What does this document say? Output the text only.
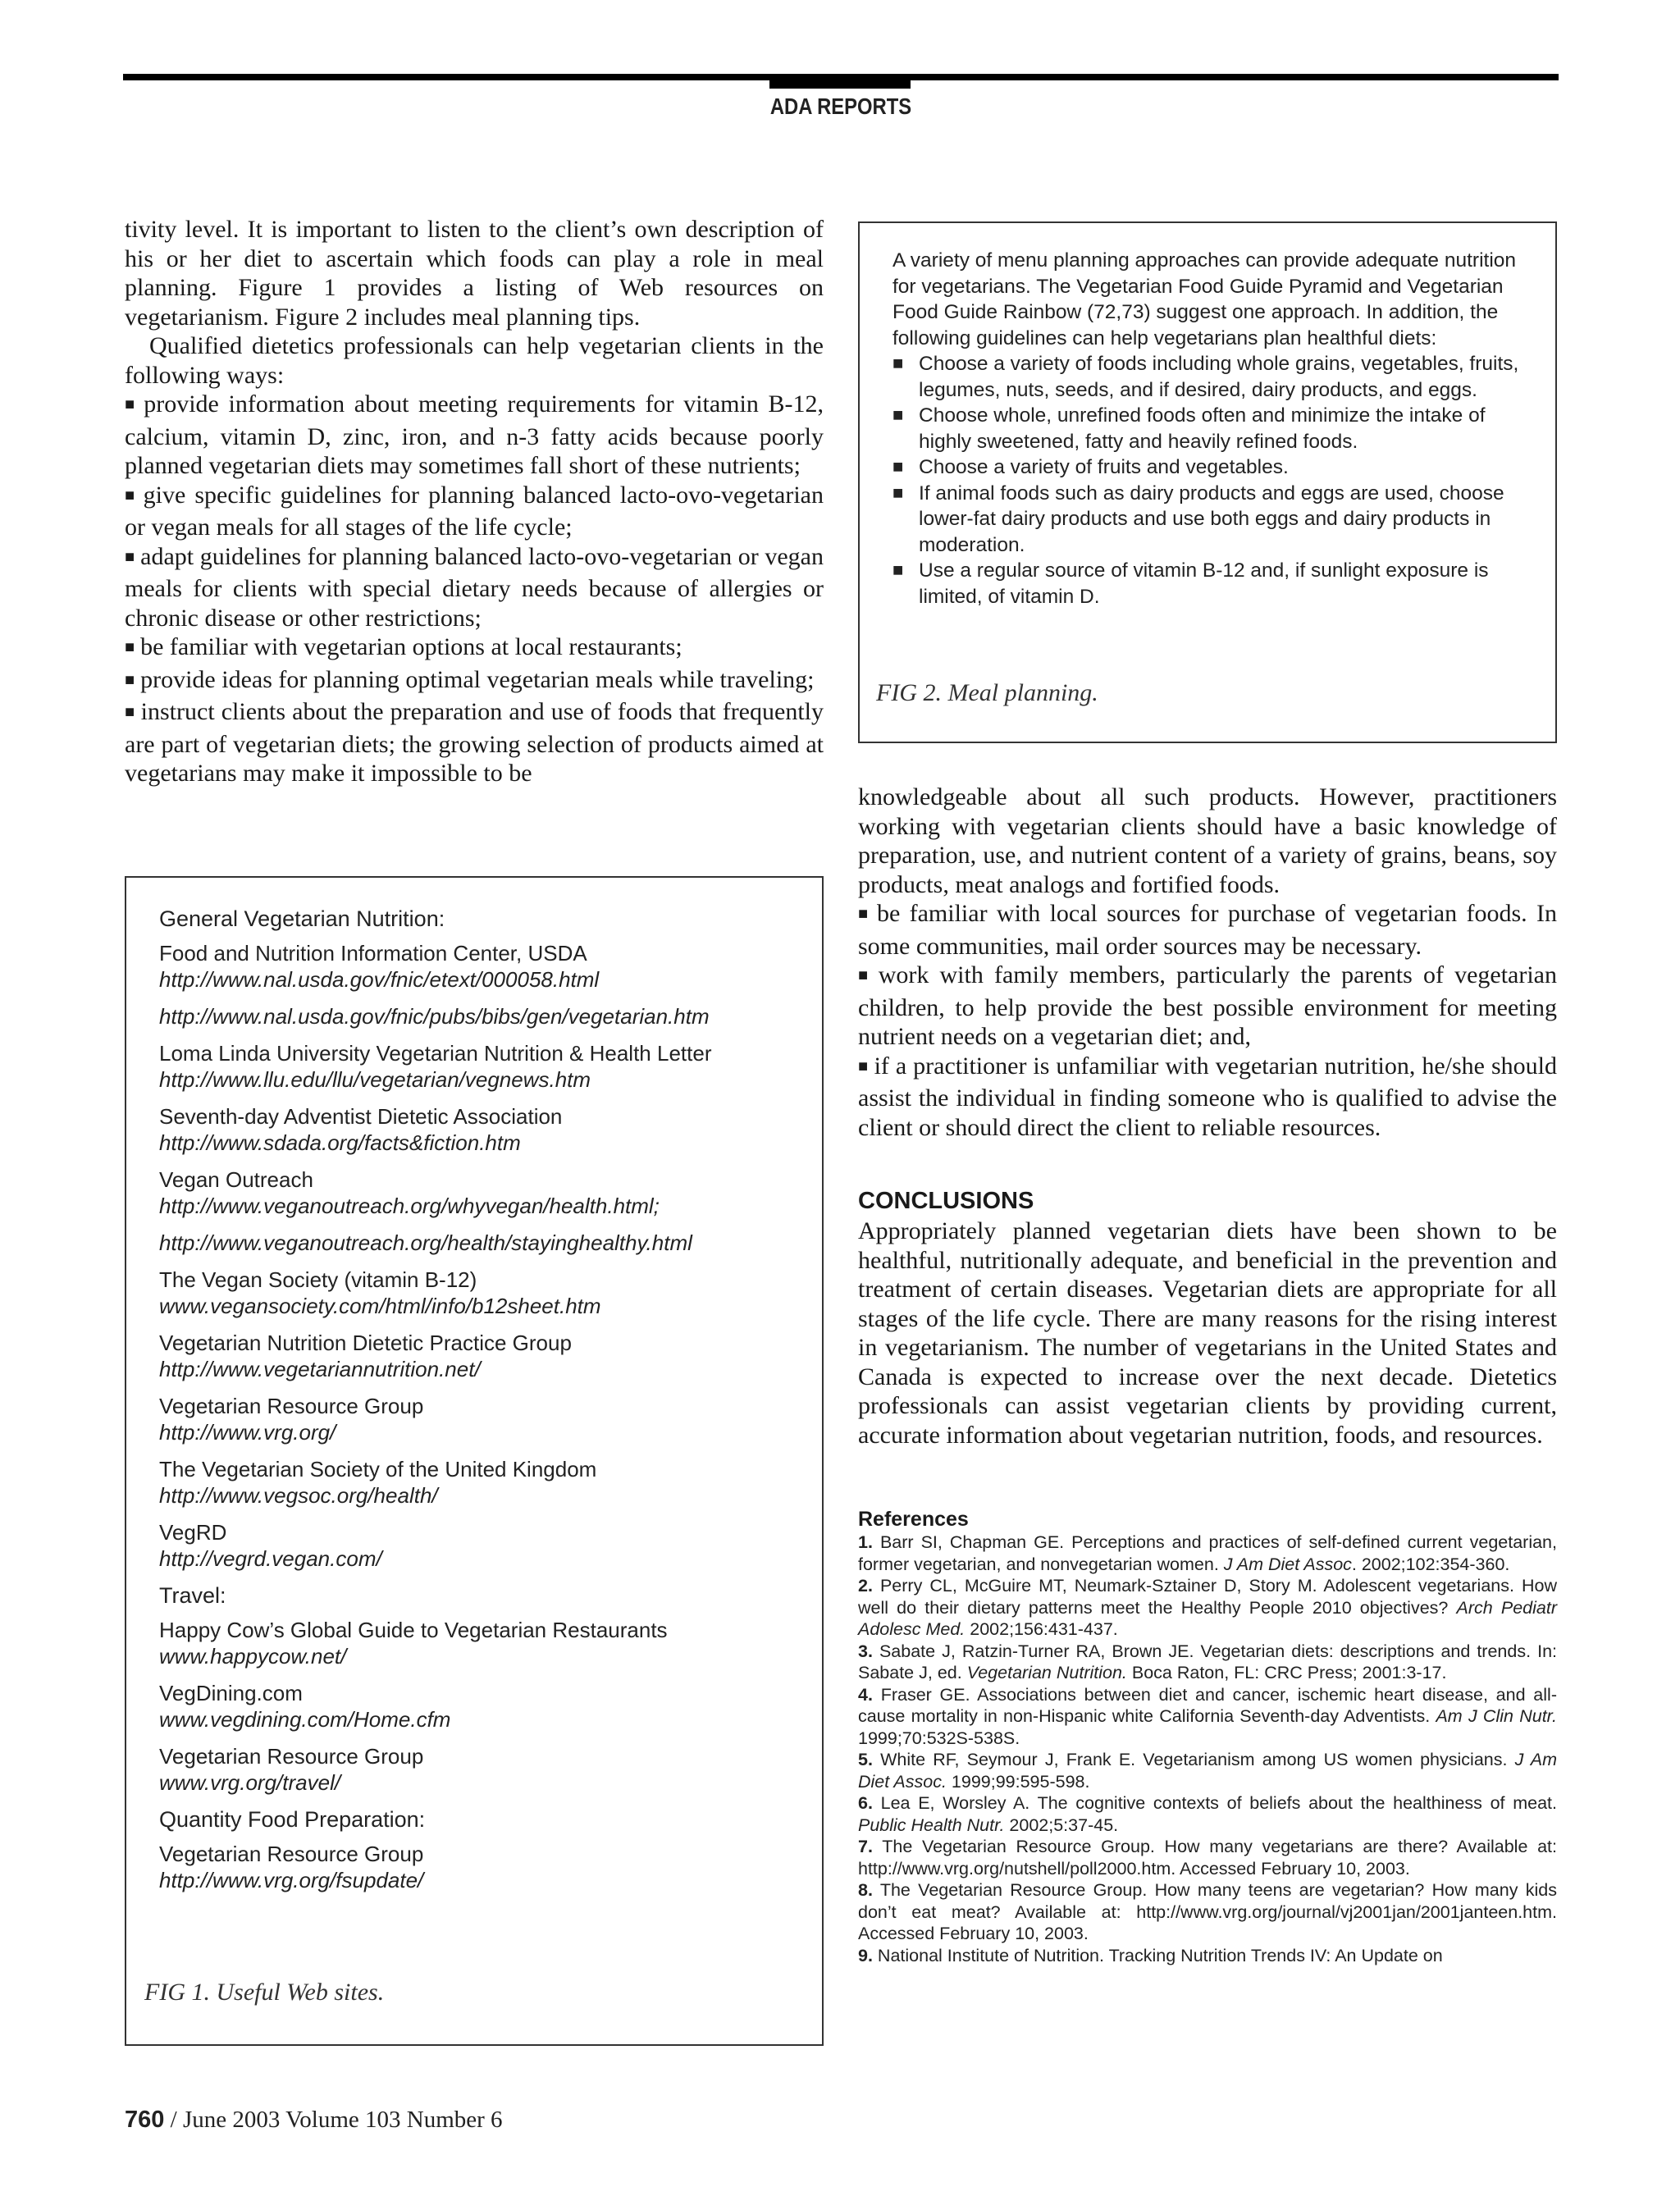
ADA REPORTS

tivity level. It is important to listen to the client’s own description of his or her diet to ascertain which foods can play a role in meal planning. Figure 1 provides a listing of Web resources on vegetarianism. Figure 2 includes meal planning tips.

Qualified dietetics professionals can help vegetarian clients in the following ways:

■ provide information about meeting requirements for vitamin B-12, calcium, vitamin D, zinc, iron, and n-3 fatty acids because poorly planned vegetarian diets may sometimes fall short of these nutrients;

■ give specific guidelines for planning balanced lacto-ovo-vegetarian or vegan meals for all stages of the life cycle;

■ adapt guidelines for planning balanced lacto-ovo-vegetarian or vegan meals for clients with special dietary needs because of allergies or chronic disease or other restrictions;

■ be familiar with vegetarian options at local restaurants;

■ provide ideas for planning optimal vegetarian meals while traveling;

■ instruct clients about the preparation and use of foods that frequently are part of vegetarian diets; the growing selection of products aimed at vegetarians may make it impossible to be

General Vegetarian Nutrition:
Food and Nutrition Information Center, USDA
http://www.nal.usda.gov/fnic/etext/000058.html
http://www.nal.usda.gov/fnic/pubs/bibs/gen/vegetarian.htm
Loma Linda University Vegetarian Nutrition & Health Letter
http://www.llu.edu/llu/vegetarian/vegnews.htm
Seventh-day Adventist Dietetic Association
http://www.sdada.org/facts&fiction.htm
Vegan Outreach
http://www.veganoutreach.org/whyvegan/health.html;
http://www.veganoutreach.org/health/stayinghealthy.html
The Vegan Society (vitamin B-12)
www.vegansociety.com/html/info/b12sheet.htm
Vegetarian Nutrition Dietetic Practice Group
http://www.vegetariannutrition.net/
Vegetarian Resource Group
http://www.vrg.org/
The Vegetarian Society of the United Kingdom
http://www.vegsoc.org/health/
VegRD
http://vegrd.vegan.com/
Travel:
Happy Cow’s Global Guide to Vegetarian Restaurants
www.happycow.net/
VegDining.com
www.vegdining.com/Home.cfm
Vegetarian Resource Group
www.vrg.org/travel/
Quantity Food Preparation:
Vegetarian Resource Group
http://www.vrg.org/fsupdate/
FIG 1. Useful Web sites.
A variety of menu planning approaches can provide adequate nutrition for vegetarians. The Vegetarian Food Guide Pyramid and Vegetarian Food Guide Rainbow (72,73) suggest one approach. In addition, the following guidelines can help vegetarians plan healthful diets:
■ Choose a variety of foods including whole grains, vegetables, fruits, legumes, nuts, seeds, and if desired, dairy products, and eggs.
■ Choose whole, unrefined foods often and minimize the intake of highly sweetened, fatty and heavily refined foods.
■ Choose a variety of fruits and vegetables.
■ If animal foods such as dairy products and eggs are used, choose lower-fat dairy products and use both eggs and dairy products in moderation.
■ Use a regular source of vitamin B-12 and, if sunlight exposure is limited, of vitamin D.
FIG 2. Meal planning.

knowledgeable about all such products. However, practitioners working with vegetarian clients should have a basic knowledge of preparation, use, and nutrient content of a variety of grains, beans, soy products, meat analogs and fortified foods.

■ be familiar with local sources for purchase of vegetarian foods. In some communities, mail order sources may be necessary.

■ work with family members, particularly the parents of vegetarian children, to help provide the best possible environment for meeting nutrient needs on a vegetarian diet; and,

■ if a practitioner is unfamiliar with vegetarian nutrition, he/she should assist the individual in finding someone who is qualified to advise the client or should direct the client to reliable resources.

CONCLUSIONS

Appropriately planned vegetarian diets have been shown to be healthful, nutritionally adequate, and beneficial in the prevention and treatment of certain diseases. Vegetarian diets are appropriate for all stages of the life cycle. There are many reasons for the rising interest in vegetarianism. The number of vegetarians in the United States and Canada is expected to increase over the next decade. Dietetics professionals can assist vegetarian clients by providing current, accurate information about vegetarian nutrition, foods, and resources.

References

1. Barr SI, Chapman GE. Perceptions and practices of self-defined current vegetarian, former vegetarian, and nonvegetarian women. J Am Diet Assoc. 2002;102:354-360.

2. Perry CL, McGuire MT, Neumark-Sztainer D, Story M. Adolescent vegetarians. How well do their dietary patterns meet the Healthy People 2010 objectives? Arch Pediatr Adolesc Med. 2002;156:431-437.

3. Sabate J, Ratzin-Turner RA, Brown JE. Vegetarian diets: descriptions and trends. In: Sabate J, ed. Vegetarian Nutrition. Boca Raton, FL: CRC Press; 2001:3-17.

4. Fraser GE. Associations between diet and cancer, ischemic heart disease, and all-cause mortality in non-Hispanic white California Seventh-day Adventists. Am J Clin Nutr. 1999;70:532S-538S.

5. White RF, Seymour J, Frank E. Vegetarianism among US women physicians. J Am Diet Assoc. 1999;99:595-598.

6. Lea E, Worsley A. The cognitive contexts of beliefs about the healthiness of meat. Public Health Nutr. 2002;5:37-45.

7. The Vegetarian Resource Group. How many vegetarians are there? Available at: http://www.vrg.org/nutshell/poll2000.htm. Accessed February 10, 2003.

8. The Vegetarian Resource Group. How many teens are vegetarian? How many kids don’t eat meat? Available at: http://www.vrg.org/journal/vj2001jan/2001janteen.htm. Accessed February 10, 2003.

9. National Institute of Nutrition. Tracking Nutrition Trends IV: An Update on

760 / June 2003 Volume 103 Number 6
